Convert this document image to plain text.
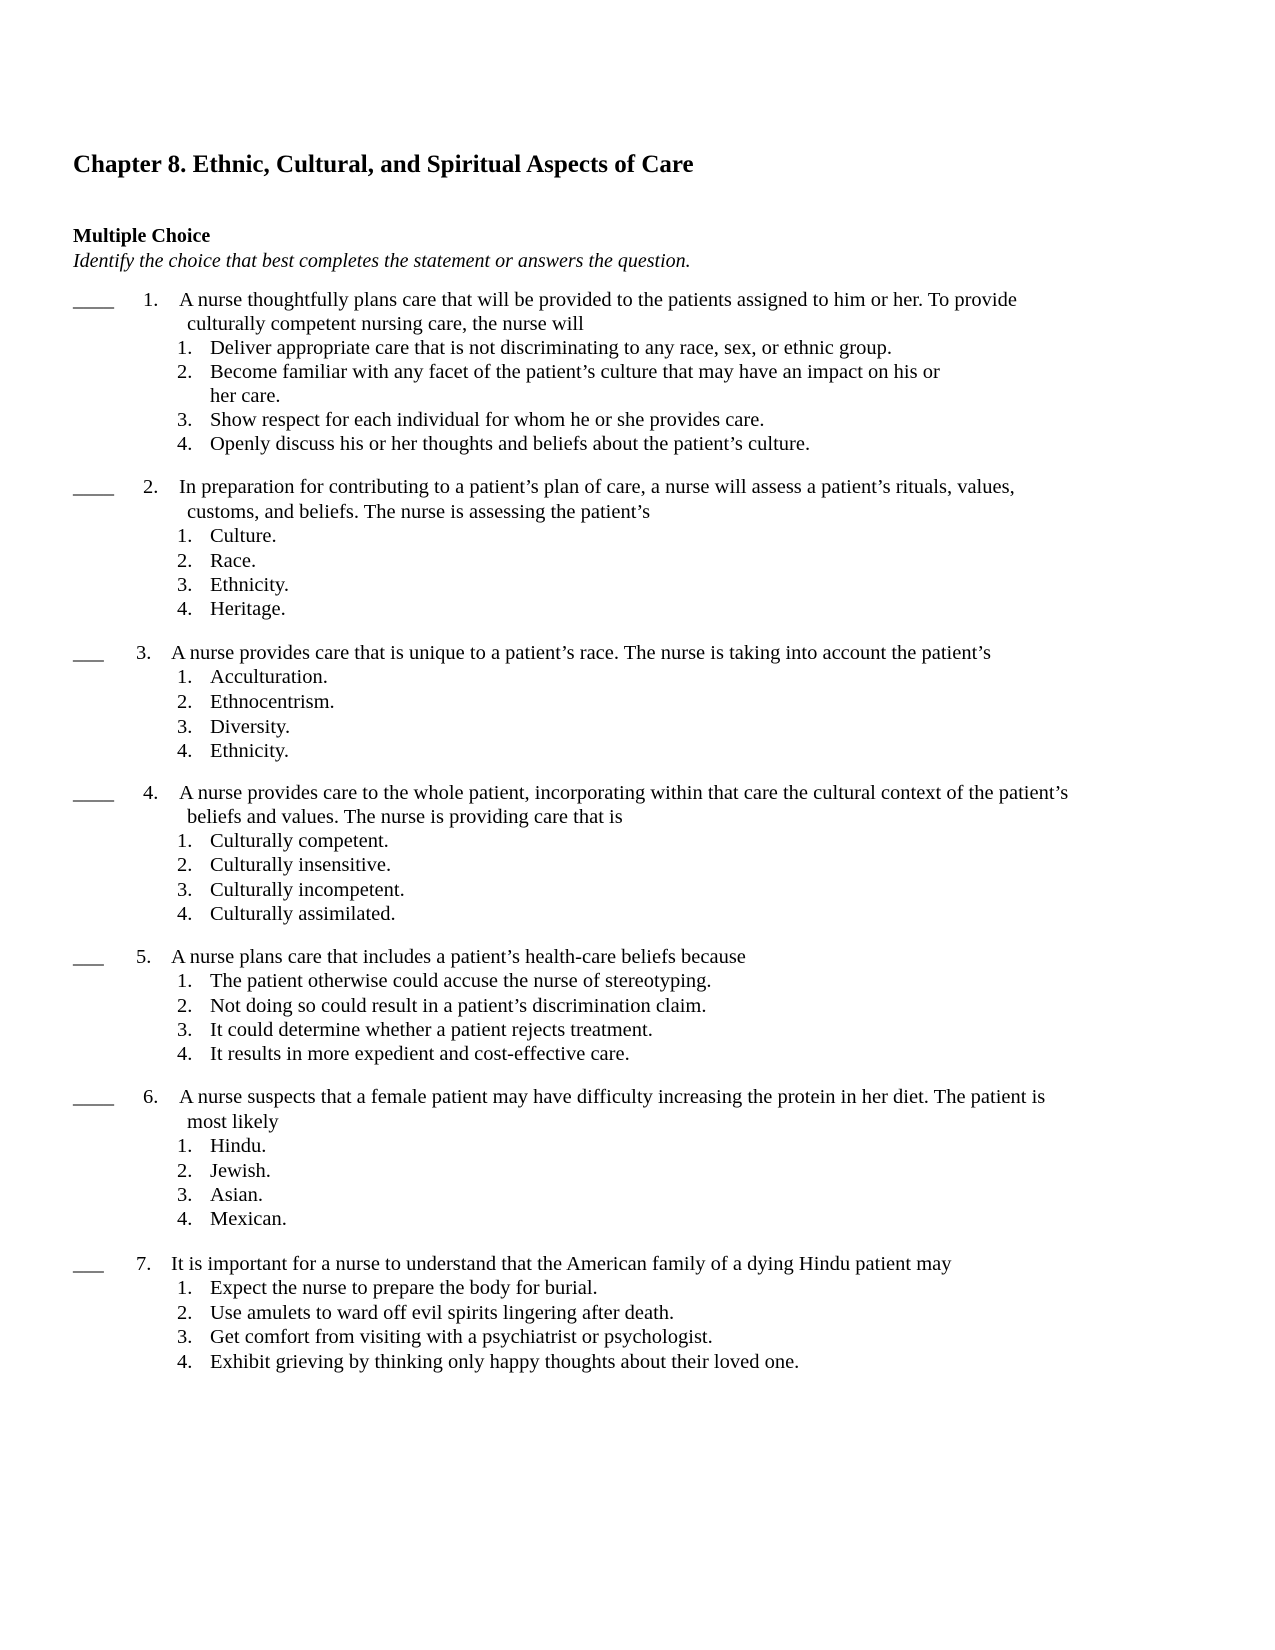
Chapter 8. Ethnic, Cultural, and Spiritual Aspects of Care
Multiple Choice
Identify the choice that best completes the statement or answers the question.
____ 1. A nurse thoughtfully plans care that will be provided to the patients assigned to him or her. To provide
culturally competent nursing care, the nurse will
1. Deliver appropriate care that is not discriminating to any race, sex, or ethnic group.
2. Become familiar with any facet of the patient’s culture that may have an impact on his or
her care.
3. Show respect for each individual for whom he or she provides care.
4. Openly discuss his or her thoughts and beliefs about the patient’s culture.
____ 2. In preparation for contributing to a patient’s plan of care, a nurse will assess a patient’s rituals, values,
customs, and beliefs. The nurse is assessing the patient’s
1. Culture.
2. Race.
3. Ethnicity.
4. Heritage.
___ 3. A nurse provides care that is unique to a patient’s race. The nurse is taking into account the patient’s
1. Acculturation.
2. Ethnocentrism.
3. Diversity.
4. Ethnicity.
____ 4. A nurse provides care to the whole patient, incorporating within that care the cultural context of the patient’s
beliefs and values. The nurse is providing care that is
1. Culturally competent.
2. Culturally insensitive.
3. Culturally incompetent.
4. Culturally assimilated.
___ 5. A nurse plans care that includes a patient’s health-care beliefs because
1. The patient otherwise could accuse the nurse of stereotyping.
2. Not doing so could result in a patient’s discrimination claim.
3. It could determine whether a patient rejects treatment.
4. It results in more expedient and cost-effective care.
____ 6. A nurse suspects that a female patient may have difficulty increasing the protein in her diet. The patient is
most likely
1. Hindu.
2. Jewish.
3. Asian.
4. Mexican.
___ 7. It is important for a nurse to understand that the American family of a dying Hindu patient may
1. Expect the nurse to prepare the body for burial.
2. Use amulets to ward off evil spirits lingering after death.
3. Get comfort from visiting with a psychiatrist or psychologist.
4. Exhibit grieving by thinking only happy thoughts about their loved one.
